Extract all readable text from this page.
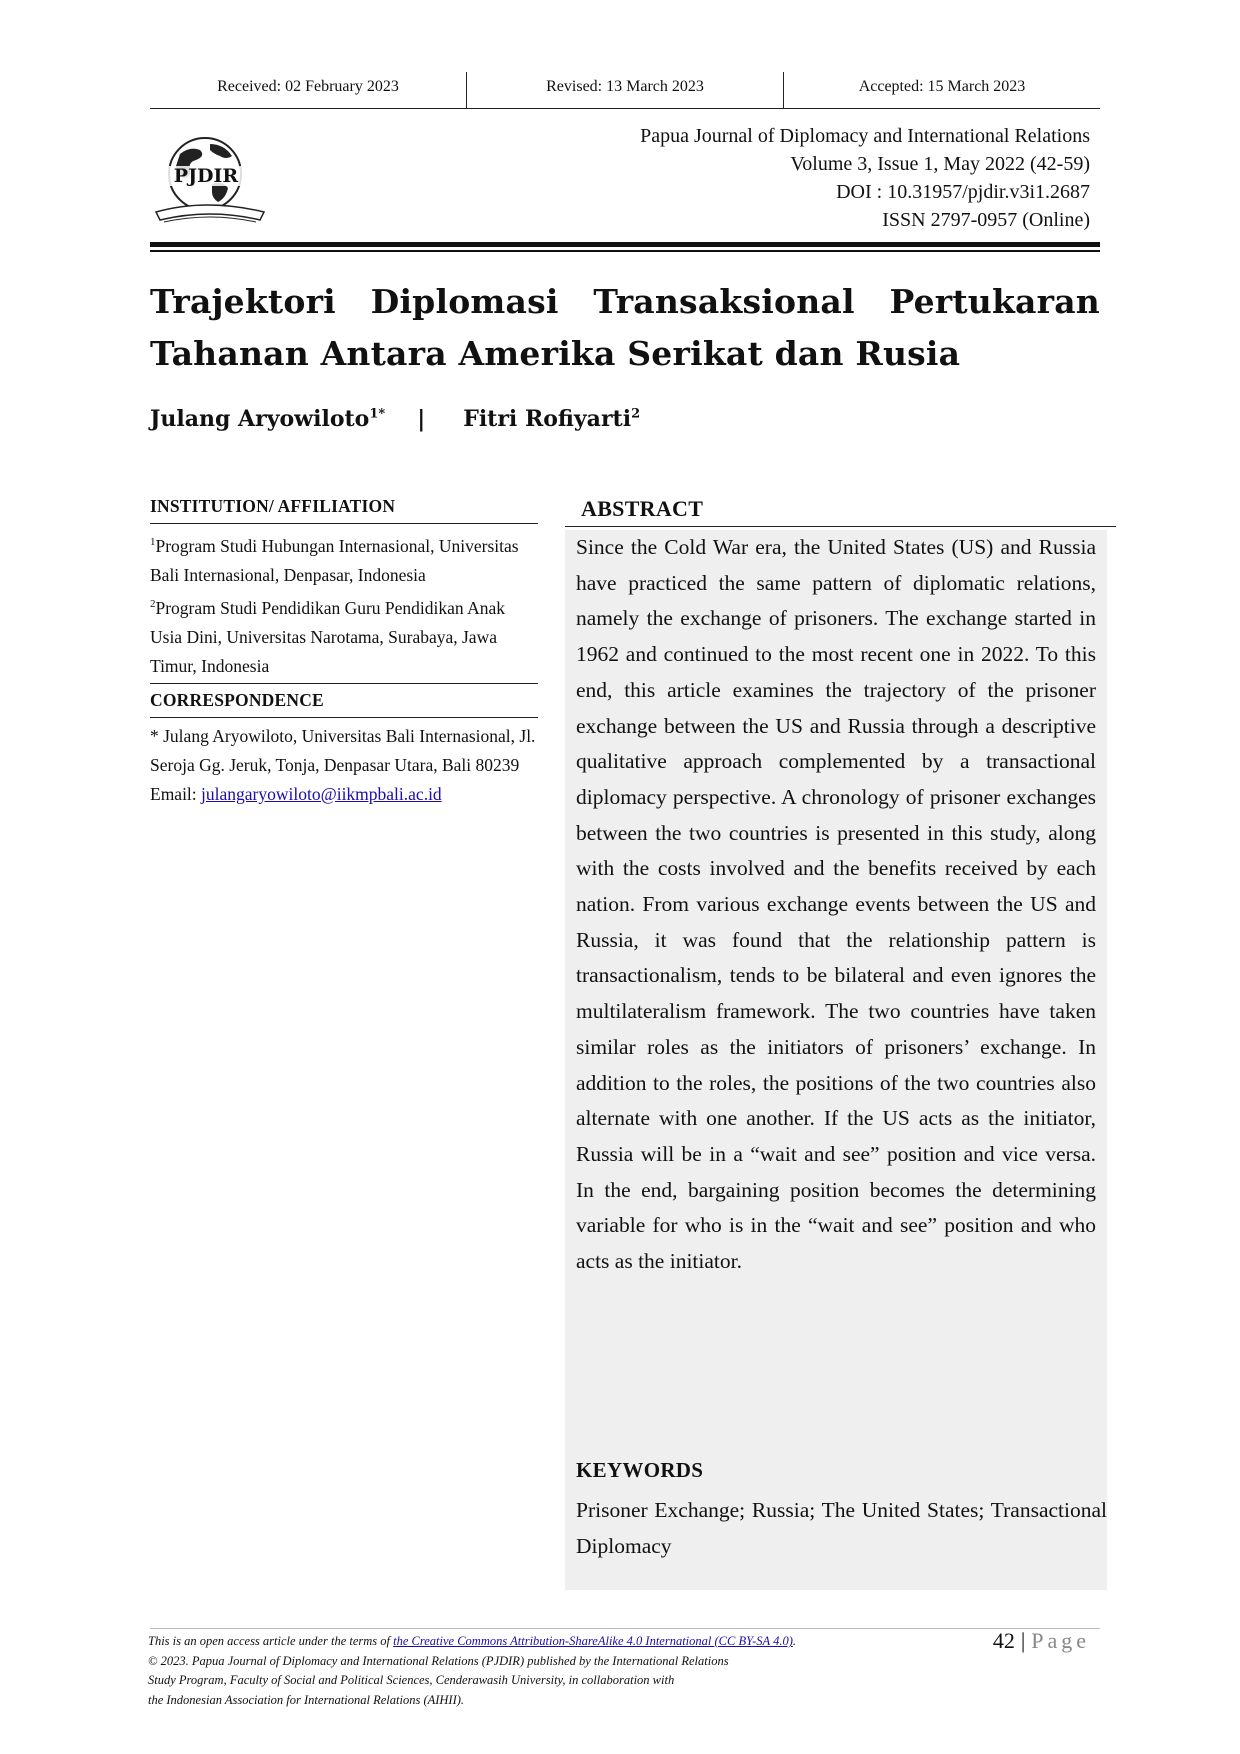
Received: 02 February 2023	Revised: 13 March 2023	Accepted: 15 March 2023
PJDIR
Papua Journal of Diplomacy and International Relations
Volume 3, Issue 1, May 2022 (42-59)
DOI : 10.31957/pjdir.v3i1.2687
ISSN 2797-0957 (Online)
Trajektori Diplomasi Transaksional Pertukaran Tahanan Antara Amerika Serikat dan Rusia
Julang Aryowiloto$^{1*}$ | Fitri Rofiyarti$^2$
INSTITUTION/ AFFILIATION
$^1$Program Studi Hubungan Internasional, Universitas Bali Internasional, Denpasar, Indonesia
$^2$Program Studi Pendidikan Guru Pendidikan Anak Usia Dini, Universitas Narotama, Surabaya, Jawa Timur, Indonesia
CORRESPONDENCE
* Julang Aryowiloto, Universitas Bali Internasional, Jl. Seroja Gg. Jeruk, Tonja, Denpasar Utara, Bali 80239
Email: julangaryowiloto@iikmpbali.ac.id
ABSTRACT
Since the Cold War era, the United States (US) and Russia have practiced the same pattern of diplomatic relations, namely the exchange of prisoners. The exchange started in 1962 and continued to the most recent one in 2022. To this end, this article examines the trajectory of the prisoner exchange between the US and Russia through a descriptive qualitative approach complemented by a transactional diplomacy perspective. A chronology of prisoner exchanges between the two countries is presented in this study, along with the costs involved and the benefits received by each nation. From various exchange events between the US and Russia, it was found that the relationship pattern is transactionalism, tends to be bilateral and even ignores the multilateralism framework. The two countries have taken similar roles as the initiators of prisoners’ exchange. In addition to the roles, the positions of the two countries also alternate with one another. If the US acts as the initiator, Russia will be in a “wait and see” position and vice versa. In the end, bargaining position becomes the determining variable for who is in the “wait and see” position and who acts as the initiator.
KEYWORDS
Prisoner Exchange; Russia; The United States; Transactional Diplomacy
This is an open access article under the terms of the Creative Commons Attribution-ShareAlike 4.0 International (CC BY-SA 4.0).
© 2023. Papua Journal of Diplomacy and International Relations (PJDIR) published by the International Relations
Study Program, Faculty of Social and Political Sciences, Cenderawasih University, in collaboration with
the Indonesian Association for International Relations (AIHII).
42 | Page
